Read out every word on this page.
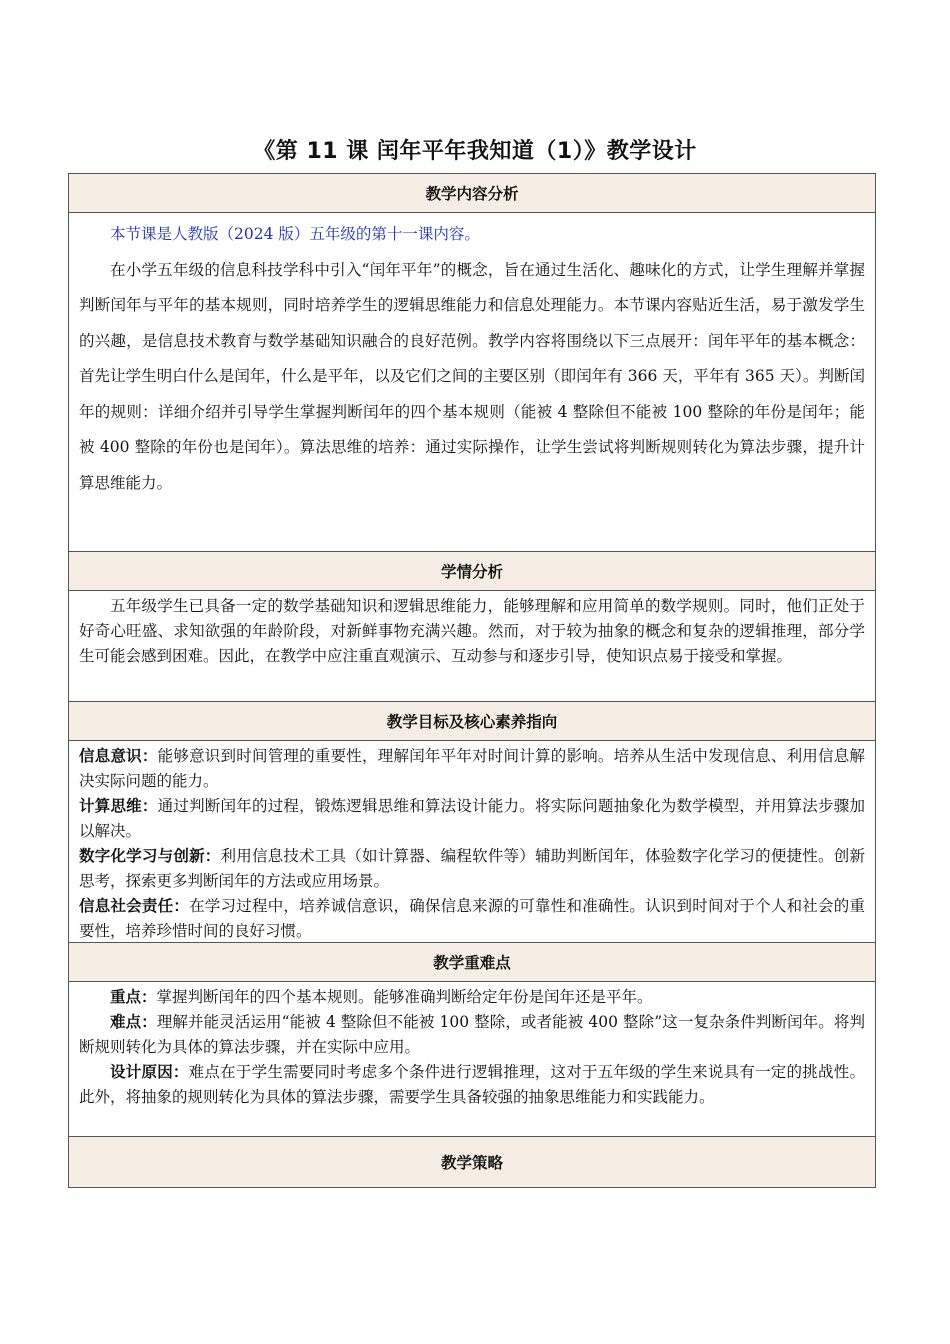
《第 11 课 闰年平年我知道（1）》教学设计
教学内容分析

本节课是人教版（2024 版）五年级的第十一课内容。

在小学五年级的信息科技学科中引入“闰年平年”的概念，旨在通过生活化、趣味化的方式，让学生理解并掌握判断闰年与平年的基本规则，同时培养学生的逻辑思维能力和信息处理能力。本节课内容贴近生活，易于激发学生的兴趣，是信息技术教育与数学基础知识融合的良好范例。教学内容将围绕以下三点展开：闰年平年的基本概念：首先让学生明白什么是闰年，什么是平年，以及它们之间的主要区别（即闰年有 366 天，平年有 365 天）。判断闰年的规则：详细介绍并引导学生掌握判断闰年的四个基本规则（能被 4 整除但不能被 100 整除的年份是闰年；能被 400 整除的年份也是闰年）。算法思维的培养：通过实际操作，让学生尝试将判断规则转化为算法步骤，提升计算思维能力。

学情分析

五年级学生已具备一定的数学基础知识和逻辑思维能力，能够理解和应用简单的数学规则。同时，他们正处于好奇心旺盛、求知欲强的年龄阶段，对新鲜事物充满兴趣。然而，对于较为抽象的概念和复杂的逻辑推理，部分学生可能会感到困难。因此，在教学中应注重直观演示、互动参与和逐步引导，使知识点易于接受和掌握。

教学目标及核心素养指向

信息意识：能够意识到时间管理的重要性，理解闰年平年对时间计算的影响。培养从生活中发现信息、利用信息解决实际问题的能力。

计算思维：通过判断闰年的过程，锻炼逻辑思维和算法设计能力。将实际问题抽象化为数学模型，并用算法步骤加以解决。

数字化学习与创新：利用信息技术工具（如计算器、编程软件等）辅助判断闰年，体验数字化学习的便捷性。创新思考，探索更多判断闰年的方法或应用场景。

信息社会责任：在学习过程中，培养诚信意识，确保信息来源的可靠性和准确性。认识到时间对于个人和社会的重要性，培养珍惜时间的良好习惯。

教学重难点

重点：掌握判断闰年的四个基本规则。能够准确判断给定年份是闰年还是平年。

难点：理解并能灵活运用“能被 4 整除但不能被 100 整除，或者能被 400 整除”这一复杂条件判断闰年。将判断规则转化为具体的算法步骤，并在实际中应用。

设计原因：难点在于学生需要同时考虑多个条件进行逻辑推理，这对于五年级的学生来说具有一定的挑战性。此外，将抽象的规则转化为具体的算法步骤，需要学生具备较强的抽象思维能力和实践能力。

教学策略
